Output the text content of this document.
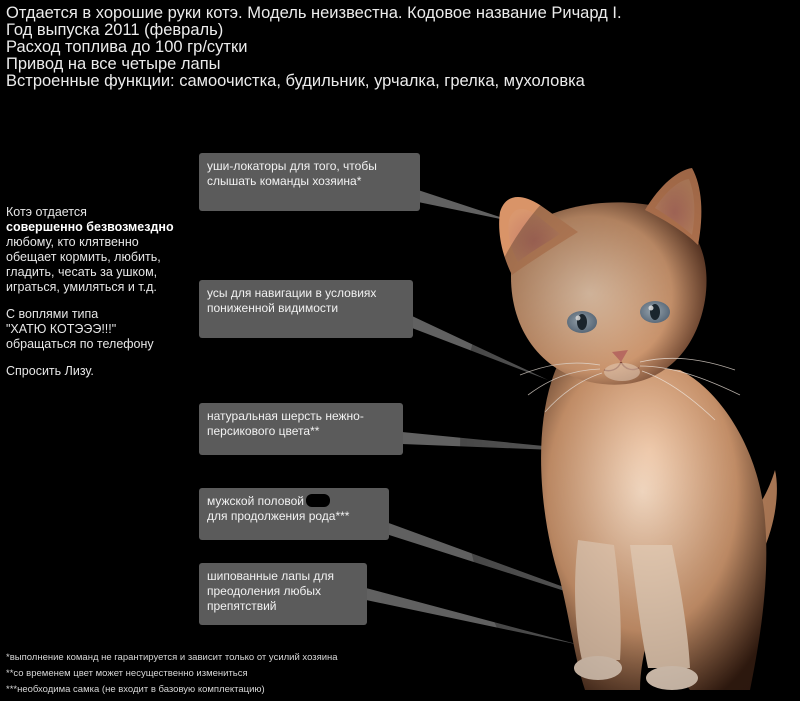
Отдается в хорошие руки котэ. Модель неизвестна. Кодовое название Ричард I.
Год выпуска 2011 (февраль)
Расход топлива до 100 гр/сутки
Привод на все четыре лапы
Встроенные функции: самоочистка, будильник, урчалка, грелка, мухоловка
Котэ отдается
совершенно безвозмездно
любому, кто клятвенно
обещает кормить, любить,
гладить, чесать за ушком,
играться, умиляться и т.д.
С воплями типа
"ХАТЮ КОТЭЭЭ!!!"
обращаться по телефону
Спросить Лизу.
уши-локаторы для того, чтобы
слышать команды хозяина*
усы для навигации в условиях
пониженной видимости
натуральная шерсть нежно-
персикового цвета**
мужской половой
для продолжения рода***
шипованные лапы для
преодоления любых
препятствий
*выполнение команд не гарантируется и зависит только от усилий хозяина
**со временем цвет может несущественно измениться
***необходима самка (не входит в базовую комплектацию)
